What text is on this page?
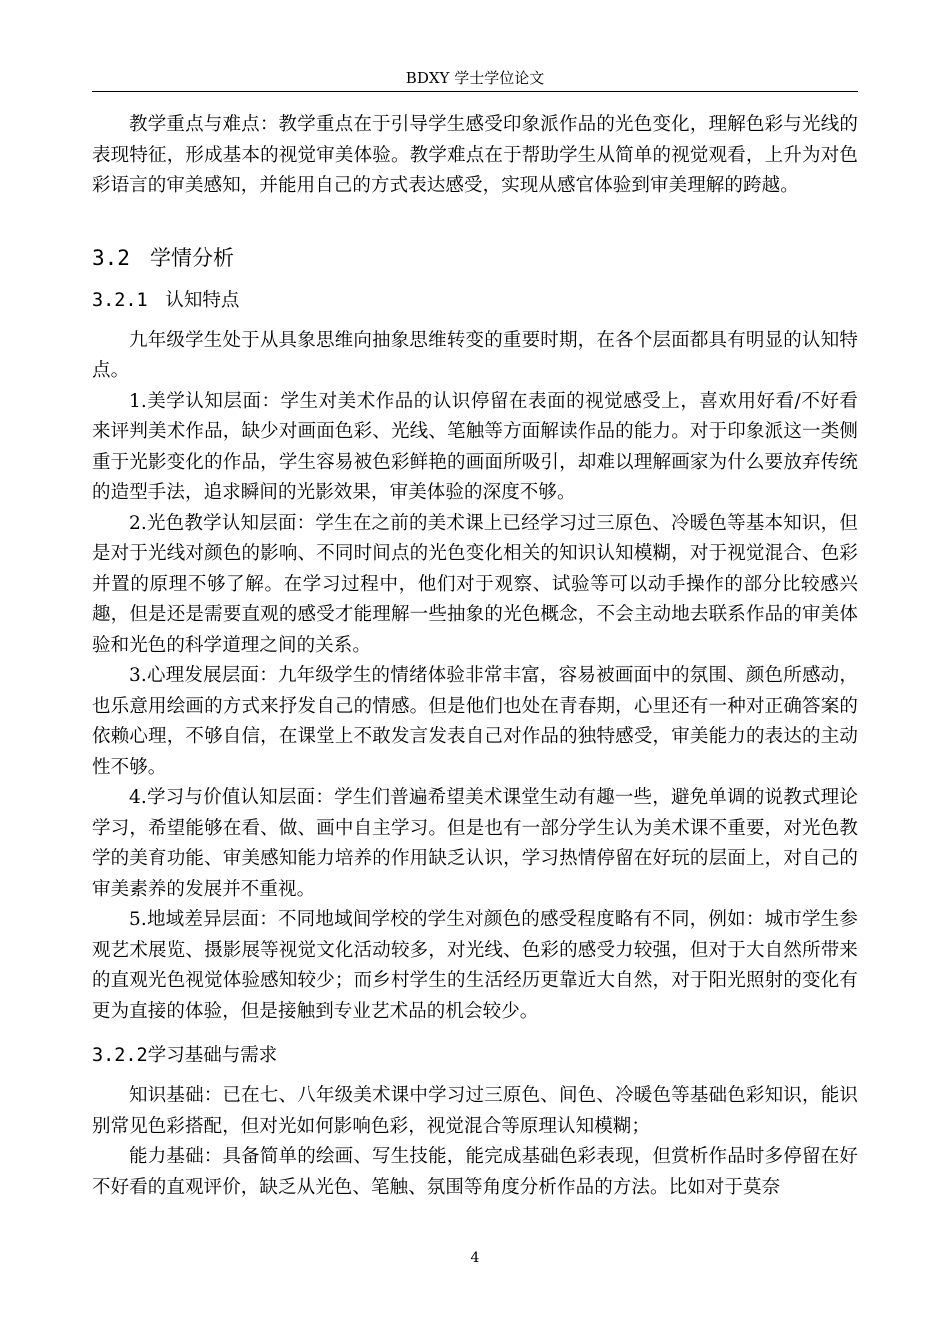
BDXY 学士学位论文

教学重点与难点：教学重点在于引导学生感受印象派作品的光色变化，理解色彩与光线的表现特征，形成基本的视觉审美体验。教学难点在于帮助学生从简单的视觉观看，上升为对色彩语言的审美感知，并能用自己的方式表达感受，实现从感官体验到审美理解的跨越。

3.2 学情分析
3.2.1 认知特点

九年级学生处于从具象思维向抽象思维转变的重要时期，在各个层面都具有明显的认知特点。

1.美学认知层面：学生对美术作品的认识停留在表面的视觉感受上，喜欢用好看/不好看来评判美术作品，缺少对画面色彩、光线、笔触等方面解读作品的能力。对于印象派这一类侧重于光影变化的作品，学生容易被色彩鲜艳的画面所吸引，却难以理解画家为什么要放弃传统的造型手法，追求瞬间的光影效果，审美体验的深度不够。

2.光色教学认知层面：学生在之前的美术课上已经学习过三原色、冷暖色等基本知识，但是对于光线对颜色的影响、不同时间点的光色变化相关的知识认知模糊，对于视觉混合、色彩并置的原理不够了解。在学习过程中，他们对于观察、试验等可以动手操作的部分比较感兴趣，但是还是需要直观的感受才能理解一些抽象的光色概念，不会主动地去联系作品的审美体验和光色的科学道理之间的关系。

3.心理发展层面：九年级学生的情绪体验非常丰富，容易被画面中的氛围、颜色所感动，也乐意用绘画的方式来抒发自己的情感。但是他们也处在青春期，心里还有一种对正确答案的依赖心理，不够自信，在课堂上不敢发言发表自己对作品的独特感受，审美能力的表达的主动性不够。

4.学习与价值认知层面：学生们普遍希望美术课堂生动有趣一些，避免单调的说教式理论学习，希望能够在看、做、画中自主学习。但是也有一部分学生认为美术课不重要，对光色教学的美育功能、审美感知能力培养的作用缺乏认识，学习热情停留在好玩的层面上，对自己的审美素养的发展并不重视。

5.地域差异层面：不同地域间学校的学生对颜色的感受程度略有不同，例如：城市学生参观艺术展览、摄影展等视觉文化活动较多，对光线、色彩的感受力较强，但对于大自然所带来的直观光色视觉体验感知较少；而乡村学生的生活经历更靠近大自然，对于阳光照射的变化有更为直接的体验，但是接触到专业艺术品的机会较少。

3.2.2学习基础与需求

知识基础：已在七、八年级美术课中学习过三原色、间色、冷暖色等基础色彩知识，能识别常见色彩搭配，但对光如何影响色彩，视觉混合等原理认知模糊；

能力基础：具备简单的绘画、写生技能，能完成基础色彩表现，但赏析作品时多停留在好不好看的直观评价，缺乏从光色、笔触、氛围等角度分析作品的方法。比如对于莫奈

4
